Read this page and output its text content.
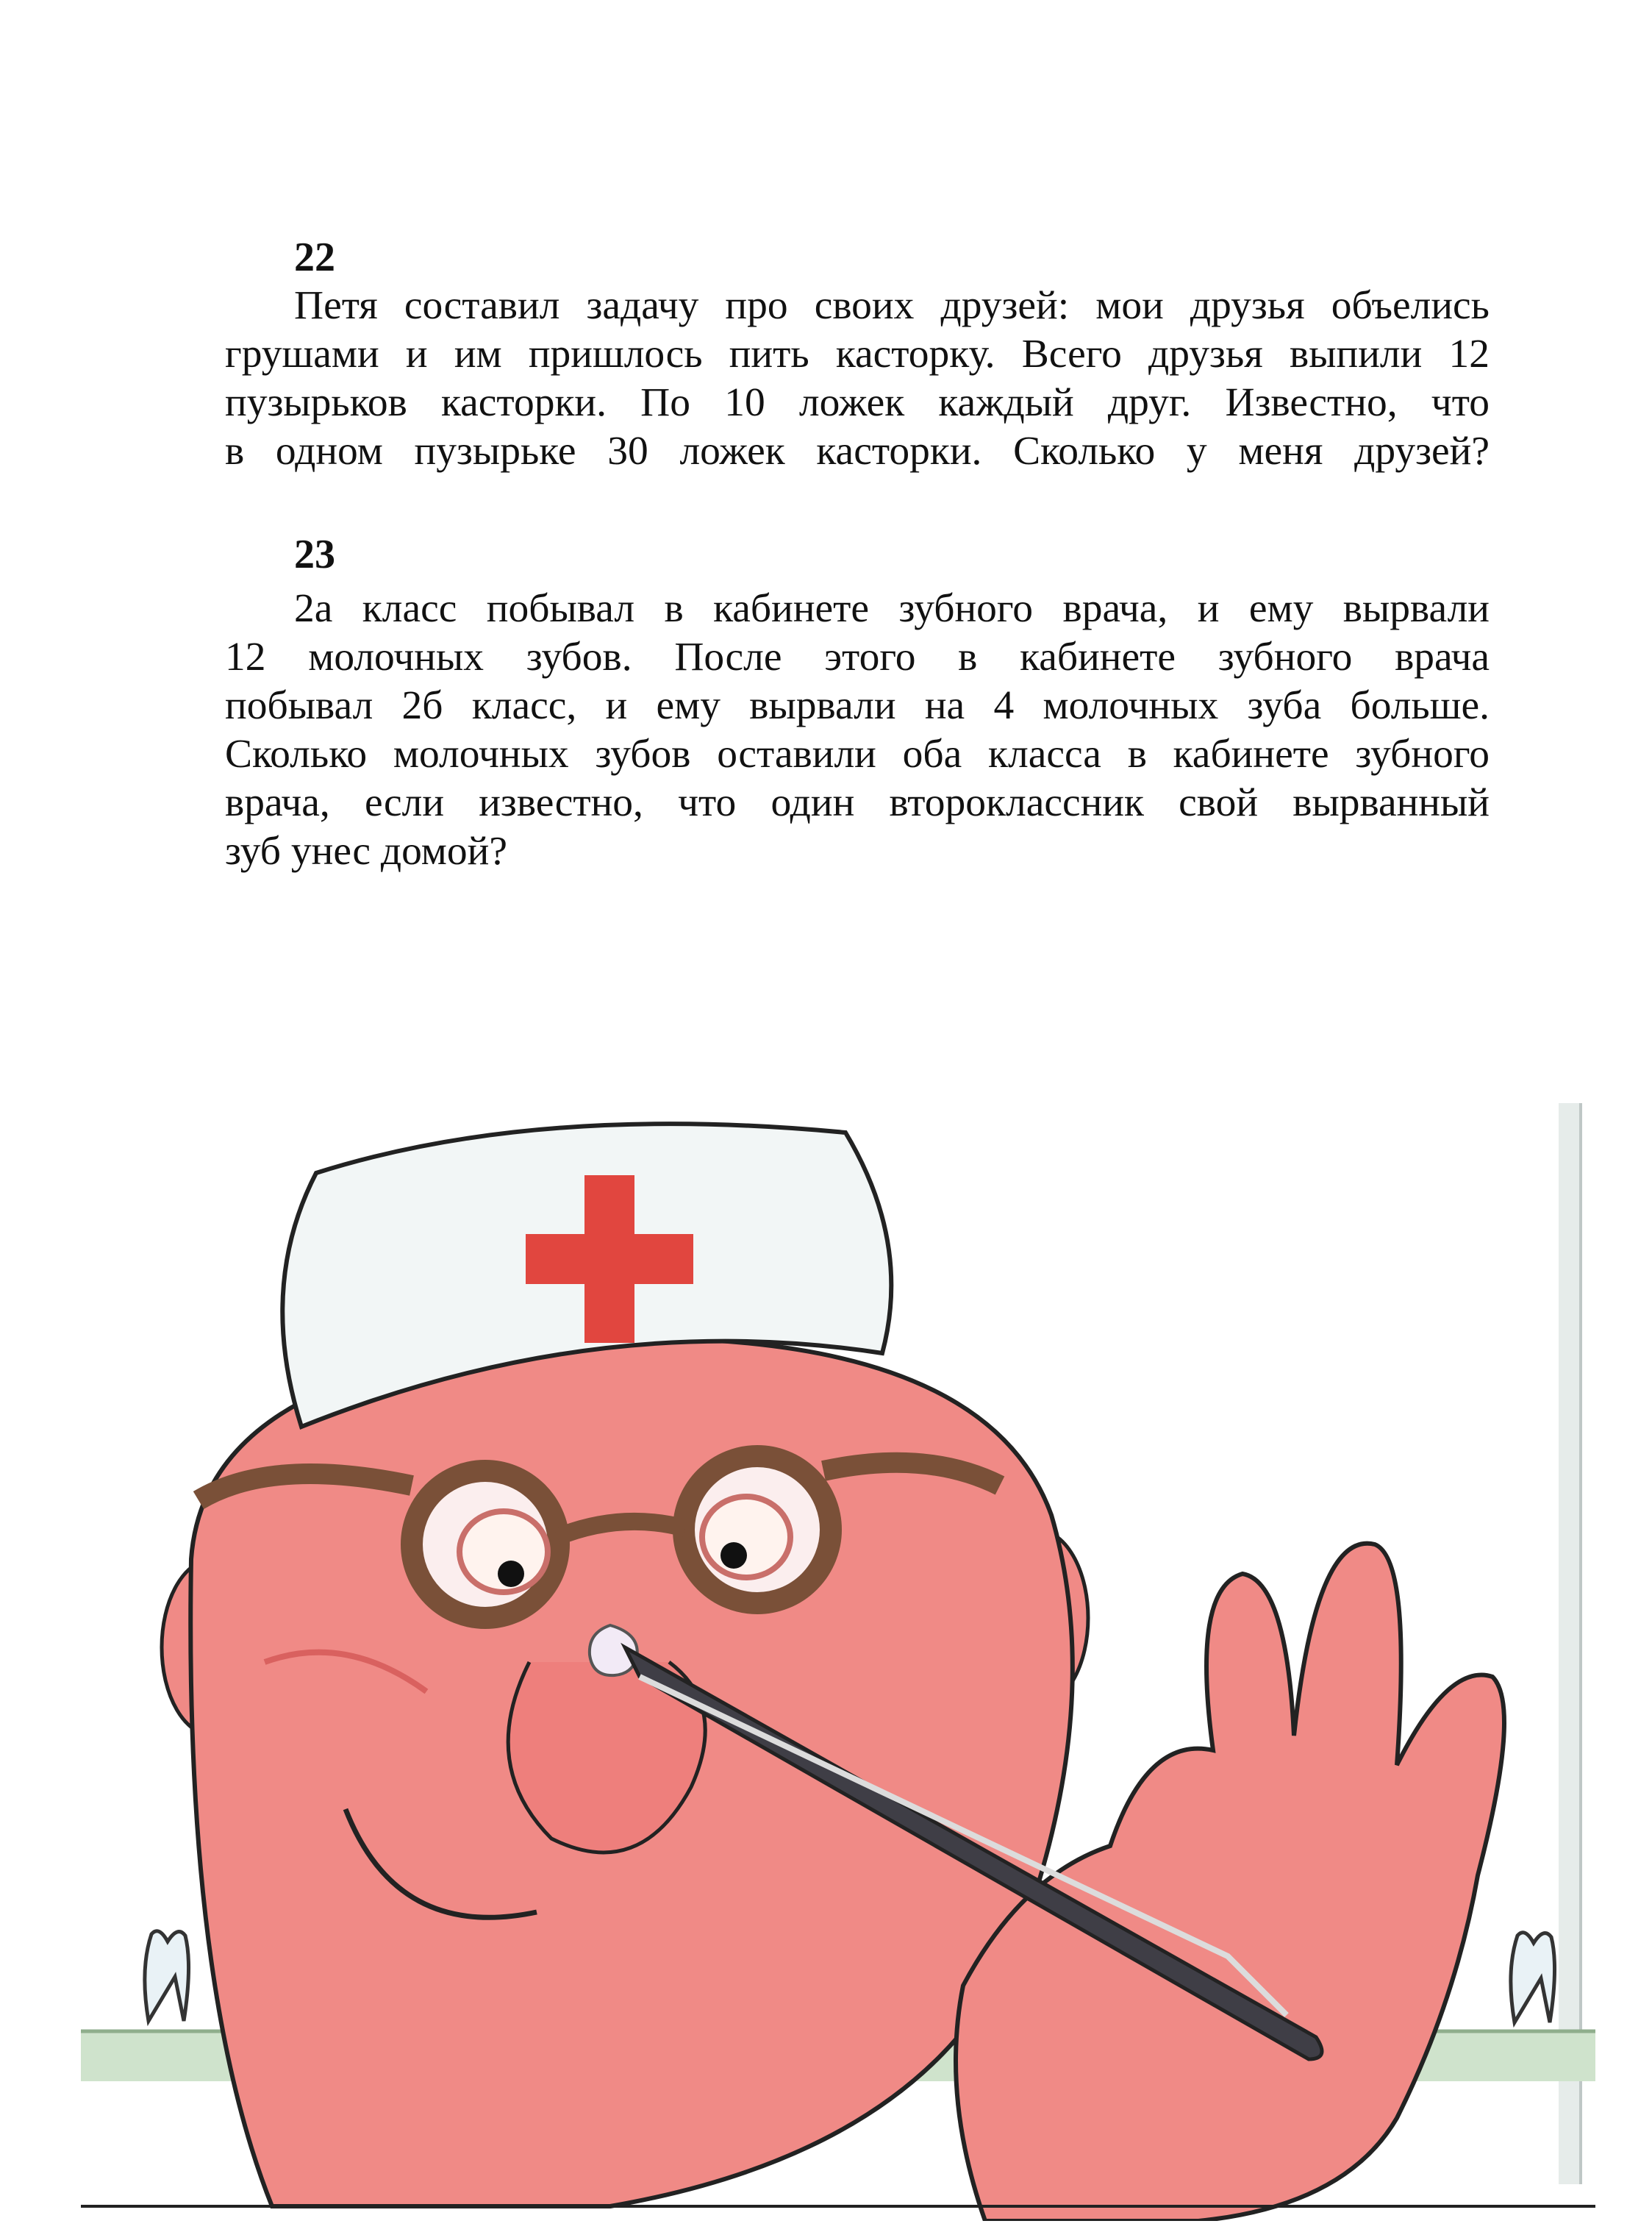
22
Петя составил задачу про своих друзей: мои друзья объелись
грушами и им пришлось пить касторку. Всего друзья выпили 12
пузырьков касторки. По 10 ложек каждый друг. Известно, что
в одном пузырьке 30 ложек касторки. Сколько у меня друзей?
23
2а класс побывал в кабинете зубного врача, и ему вырвали
12 молочных зубов. После этого в кабинете зубного врача
побывал 2б класс, и ему вырвали на 4 молочных зуба больше.
Сколько молочных зубов оставили оба класса в кабинете зубного
врача, если известно, что один второклассник свой вырванный
зуб унес домой?
